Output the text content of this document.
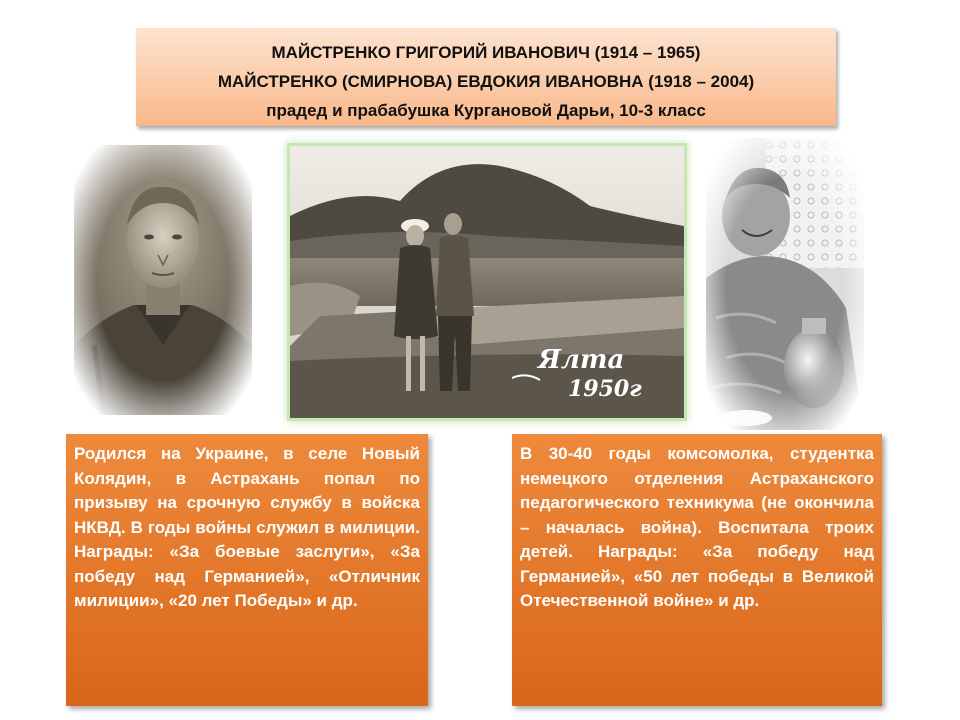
МАЙСТРЕНКО ГРИГОРИЙ ИВАНОВИЧ (1914 – 1965)
МАЙСТРЕНКО (СМИРНОВА) ЕВДОКИЯ ИВАНОВНА (1918 – 2004)
прадед и прабабушка Кургановой Дарьи, 10-3 класс
Ялта
1950г
Родился на Украине, в селе Новый Колядин, в Астрахань попал по призыву на срочную службу в войска НКВД. В годы войны служил в милиции. Награды: «За боевые заслуги», «За победу над Германией», «Отличник милиции», «20 лет Победы» и др.
В 30-40 годы комсомолка, студентка немецкого отделения Астраханского педагогического техникума (не окончила – началась война). Воспитала троих детей. Награды: «За победу над Германией», «50 лет победы в Великой Отечественной войне» и др.
